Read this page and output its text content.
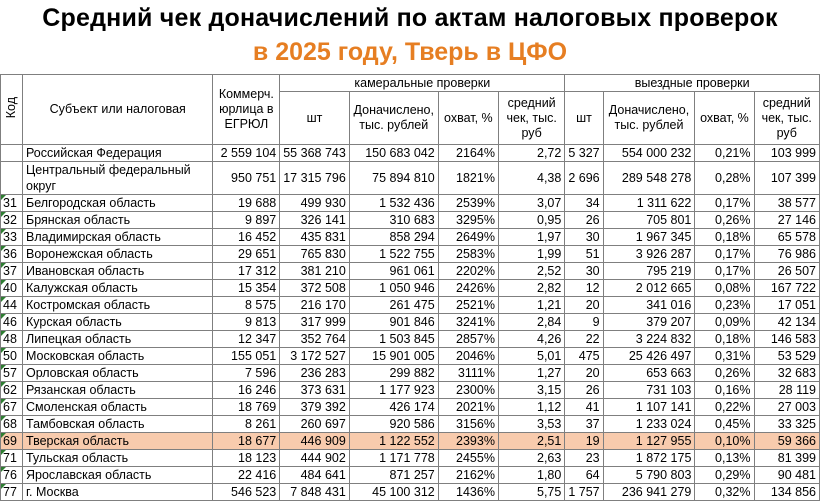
Средний чек доначислений по актам налоговых проверок
в 2025 году, Тверь в ЦФО
Код	Субъект или налоговая	Коммерч. юрлица в ЕГРЮЛ	камеральные проверки				выездные проверки			
			шт	Доначислено, тыс. рублей	охват, %	средний чек, тыс. руб	шт	Доначислено, тыс. рублей	охват, %	средний чек, тыс. руб
	Российская Федерация	2 559 104	55 368 743	150 683 042	2164%	2,72	5 327	554 000 232	0,21%	103 999
	Центральный федеральный округ	950 751	17 315 796	75 894 810	1821%	4,38	2 696	289 548 278	0,28%	107 399
31	Белгородская область	19 688	499 930	1 532 436	2539%	3,07	34	1 311 622	0,17%	38 577
32	Брянская область	9 897	326 141	310 683	3295%	0,95	26	705 801	0,26%	27 146
33	Владимирская область	16 452	435 831	858 294	2649%	1,97	30	1 967 345	0,18%	65 578
36	Воронежская область	29 651	765 830	1 522 755	2583%	1,99	51	3 926 287	0,17%	76 986
37	Ивановская область	17 312	381 210	961 061	2202%	2,52	30	795 219	0,17%	26 507
40	Калужская область	15 354	372 508	1 050 946	2426%	2,82	12	2 012 665	0,08%	167 722
44	Костромская область	8 575	216 170	261 475	2521%	1,21	20	341 016	0,23%	17 051
46	Курская область	9 813	317 999	901 846	3241%	2,84	9	379 207	0,09%	42 134
48	Липецкая область	12 347	352 764	1 503 845	2857%	4,26	22	3 224 832	0,18%	146 583
50	Московская область	155 051	3 172 527	15 901 005	2046%	5,01	475	25 426 497	0,31%	53 529
57	Орловская область	7 596	236 283	299 882	3111%	1,27	20	653 663	0,26%	32 683
62	Рязанская область	16 246	373 631	1 177 923	2300%	3,15	26	731 103	0,16%	28 119
67	Смоленская область	18 769	379 392	426 174	2021%	1,12	41	1 107 141	0,22%	27 003
68	Тамбовская область	8 261	260 697	920 586	3156%	3,53	37	1 233 024	0,45%	33 325
69	Тверская область	18 677	446 909	1 122 552	2393%	2,51	19	1 127 955	0,10%	59 366
71	Тульская область	18 123	444 902	1 171 778	2455%	2,63	23	1 872 175	0,13%	81 399
76	Ярославская область	22 416	484 641	871 257	2162%	1,80	64	5 790 803	0,29%	90 481
77	г. Москва	546 523	7 848 431	45 100 312	1436%	5,75	1 757	236 941 279	0,32%	134 856
